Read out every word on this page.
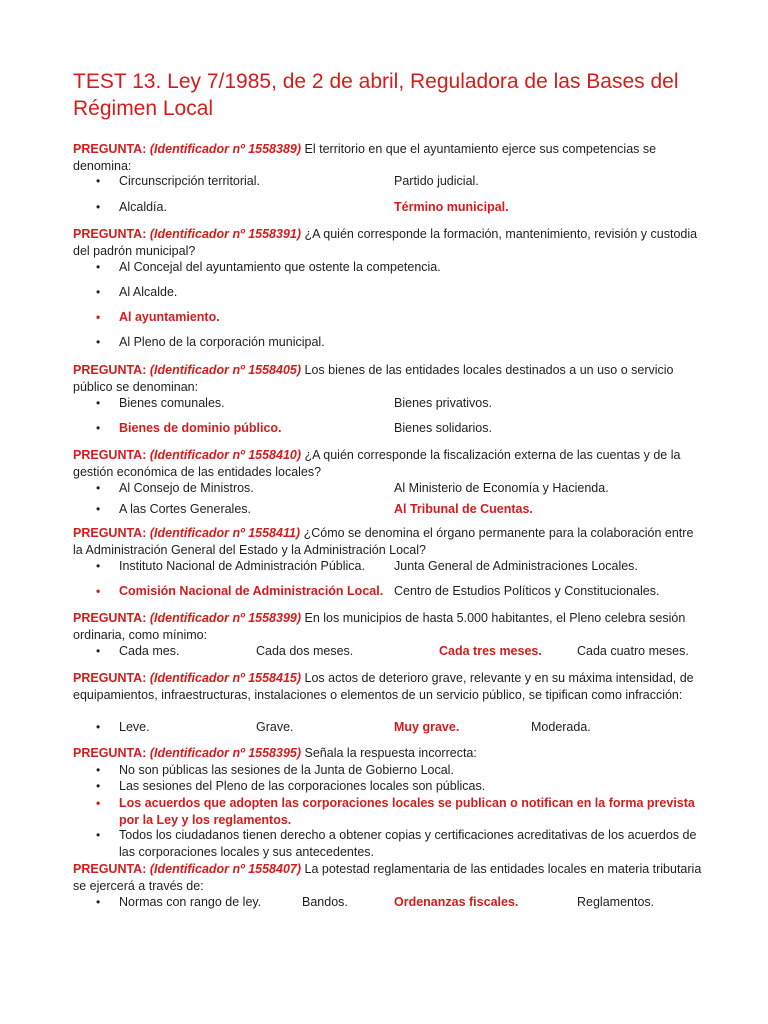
TEST 13. Ley 7/1985, de 2 de abril, Reguladora de las Bases del Régimen Local
PREGUNTA: (Identificador nº 1558389) El territorio en que el ayuntamiento ejerce sus competencias se denomina:
• Circunscripción territorial.	Partido judicial.
• Alcaldía.	Término municipal.
PREGUNTA: (Identificador nº 1558391) ¿A quién corresponde la formación, mantenimiento, revisión y custodia del padrón municipal?
• Al Concejal del ayuntamiento que ostente la competencia.
• Al Alcalde.
• Al ayuntamiento.
• Al Pleno de la corporación municipal.
PREGUNTA: (Identificador nº 1558405) Los bienes de las entidades locales destinados a un uso o servicio público se denominan:
• Bienes comunales.	Bienes privativos.
• Bienes de dominio público.	Bienes solidarios.
PREGUNTA: (Identificador nº 1558410) ¿A quién corresponde la fiscalización externa de las cuentas y de la gestión económica de las entidades locales?
• Al Consejo de Ministros.	Al Ministerio de Economía y Hacienda.
• A las Cortes Generales.	Al Tribunal de Cuentas.
PREGUNTA: (Identificador nº 1558411) ¿Cómo se denomina el órgano permanente para la colaboración entre la Administración General del Estado y la Administración Local?
• Instituto Nacional de Administración Pública. Junta General de Administraciones Locales.
• Comisión Nacional de Administración Local. Centro de Estudios Políticos y Constitucionales.
PREGUNTA: (Identificador nº 1558399) En los municipios de hasta 5.000 habitantes, el Pleno celebra sesión ordinaria, como mínimo:
• Cada mes.	Cada dos meses.	Cada tres meses.	Cada cuatro meses.
PREGUNTA: (Identificador nº 1558415) Los actos de deterioro grave, relevante y en su máxima intensidad, de equipamientos, infraestructuras, instalaciones o elementos de un servicio público, se tipifican como infracción:
• Leve.	Grave.	Muy grave.	Moderada.
PREGUNTA: (Identificador nº 1558395) Señala la respuesta incorrecta:
• No son públicas las sesiones de la Junta de Gobierno Local.
• Las sesiones del Pleno de las corporaciones locales son públicas.
• Los acuerdos que adopten las corporaciones locales se publican o notifican en la forma prevista por la Ley y los reglamentos.
• Todos los ciudadanos tienen derecho a obtener copias y certificaciones acreditativas de los acuerdos de las corporaciones locales y sus antecedentes.
PREGUNTA: (Identificador nº 1558407) La potestad reglamentaria de las entidades locales en materia tributaria se ejercerá a través de:
• Normas con rango de ley.	Bandos.	Ordenanzas fiscales.	Reglamentos.
